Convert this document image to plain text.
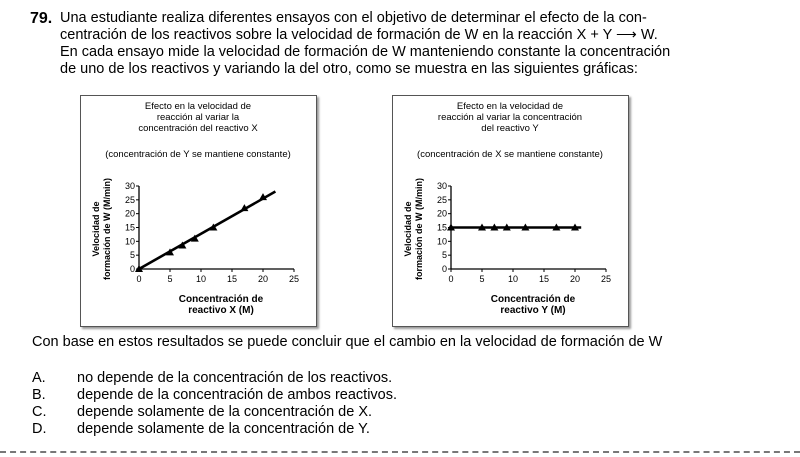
79. Una estudiante realiza diferentes ensayos con el objetivo de determinar el efecto de la con-
centración de los reactivos sobre la velocidad de formación de W en la reacción X + Y ⟶ W.
En cada ensayo mide la velocidad de formación de W manteniendo constante la concentración
de uno de los reactivos y variando la del otro, como se muestra en las siguientes gráficas:
Efecto en la velocidad de
reacción al variar la
concentración del reactivo X
(concentración de Y se mantiene constante)
0
5
10
15
20
25
30
0	5	10 15 20 25
Velocidad de formación de W (M/min)
Concentración de
reactivo X (M)
Efecto en la velocidad de
reacción al variar la concentración
del reactivo Y
(concentración de X se mantiene constante)
0
5
10
15
20
25
30
0	5	10 15 20 25
Velocidad de formación de W (M/min)
Concentración de
reactivo Y (M)
Con base en estos resultados se puede concluir que el cambio en la velocidad de formación de W
A.	no depende de la concentración de los reactivos.
B.	depende de la concentración de ambos reactivos.
C.	depende solamente de la concentración de X.
D.	depende solamente de la concentración de Y.
